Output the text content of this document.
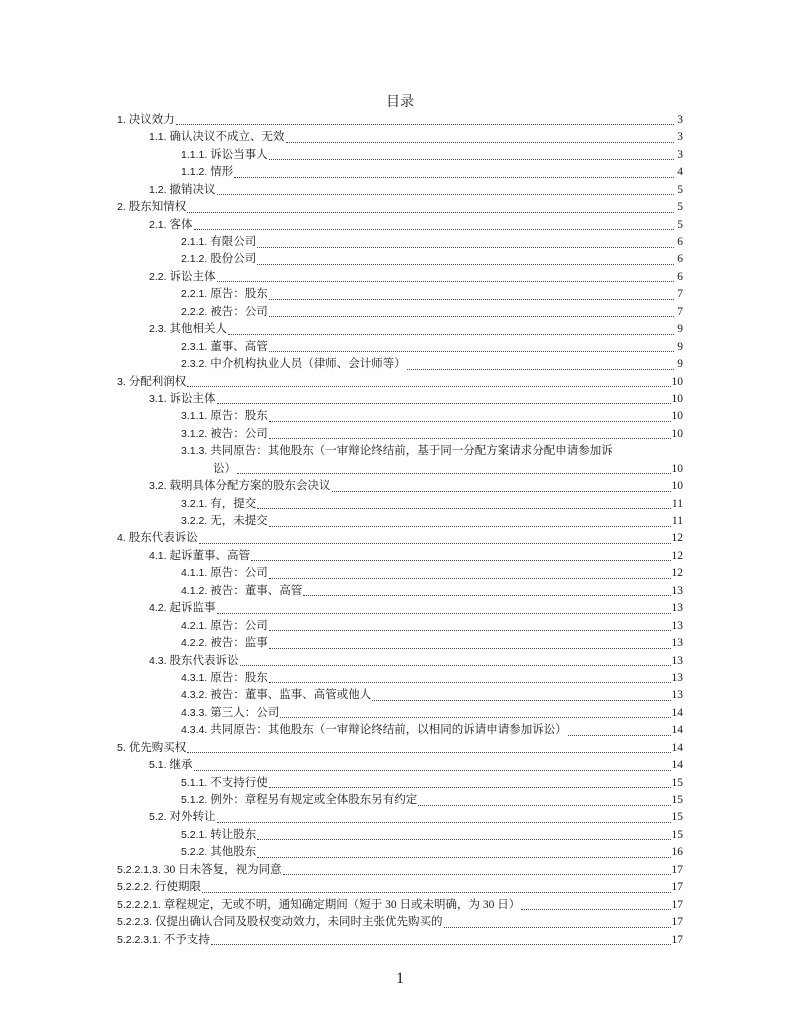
目录
1. 决议效力	3
1.1. 确认决议不成立、无效	3
1.1.1. 诉讼当事人	3
1.1.2. 情形	4
1.2. 撤销决议	5
2. 股东知情权	5
2.1. 客体	5
2.1.1. 有限公司	6
2.1.2. 股份公司	6
2.2. 诉讼主体	6
2.2.1. 原告：股东	7
2.2.2. 被告：公司	7
2.3. 其他相关人	9
2.3.1. 董事、高管	9
2.3.2. 中介机构执业人员（律师、会计师等）	9
3. 分配利润权	10
3.1. 诉讼主体	10
3.1.1. 原告：股东	10
3.1.2. 被告：公司	10
3.1.3. 共同原告：其他股东（一审辩论终结前，基于同一分配方案请求分配申请参加诉
讼）	10
3.2. 载明具体分配方案的股东会决议	10
3.2.1. 有，提交	11
3.2.2. 无，未提交	11
4. 股东代表诉讼	12
4.1. 起诉董事、高管	12
4.1.1. 原告：公司	12
4.1.2. 被告：董事、高管	13
4.2. 起诉监事	13
4.2.1. 原告：公司	13
4.2.2. 被告：监事	13
4.3. 股东代表诉讼	13
4.3.1. 原告：股东	13
4.3.2. 被告：董事、监事、高管或他人	13
4.3.3. 第三人：公司	14
4.3.4. 共同原告：其他股东（一审辩论终结前，以相同的诉请申请参加诉讼）	14
5. 优先购买权	14
5.1. 继承	14
5.1.1. 不支持行使	15
5.1.2. 例外：章程另有规定或全体股东另有约定	15
5.2. 对外转让	15
5.2.1. 转让股东	15
5.2.2. 其他股东	16
5.2.2.1.3. 30 日未答复，视为同意	17
5.2.2.2. 行使期限	17
5.2.2.2.1. 章程规定，无或不明，通知确定期间（短于 30 日或未明确，为 30 日）	17
5.2.2.3. 仅提出确认合同及股权变动效力，未同时主张优先购买的	17
5.2.2.3.1. 不予支持	17
1
